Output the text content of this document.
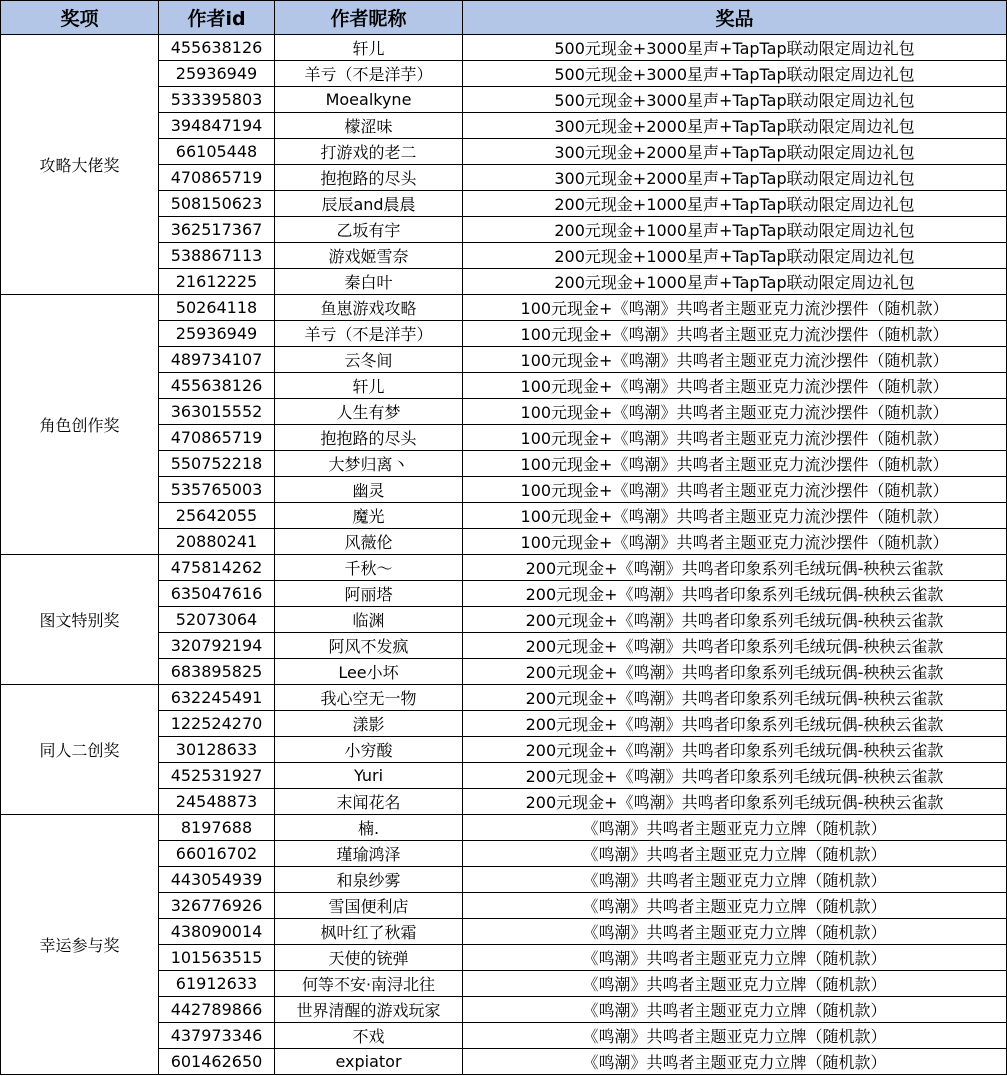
奖项	作者id	作者昵称	奖品
攻略大佬奖	455638126	轩儿	500元现金+3000星声+TapTap联动限定周边礼包
	25936949	羊亏（不是洋芋）	500元现金+3000星声+TapTap联动限定周边礼包
	533395803	Moealkyne	500元现金+3000星声+TapTap联动限定周边礼包
	394847194	檬涩味	300元现金+2000星声+TapTap联动限定周边礼包
	66105448	打游戏的老二	300元现金+2000星声+TapTap联动限定周边礼包
	470865719	抱抱路的尽头	300元现金+2000星声+TapTap联动限定周边礼包
	508150623	辰辰and晨晨	200元现金+1000星声+TapTap联动限定周边礼包
	362517367	乙坂有宇	200元现金+1000星声+TapTap联动限定周边礼包
	538867113	游戏姬雪奈	200元现金+1000星声+TapTap联动限定周边礼包
	21612225	秦白叶	200元现金+1000星声+TapTap联动限定周边礼包
角色创作奖	50264118	鱼崽游戏攻略	100元现金+《鸣潮》共鸣者主题亚克力流沙摆件（随机款）
	25936949	羊亏（不是洋芋）	100元现金+《鸣潮》共鸣者主题亚克力流沙摆件（随机款）
	489734107	云冬间	100元现金+《鸣潮》共鸣者主题亚克力流沙摆件（随机款）
	455638126	轩儿	100元现金+《鸣潮》共鸣者主题亚克力流沙摆件（随机款）
	363015552	人生有梦	100元现金+《鸣潮》共鸣者主题亚克力流沙摆件（随机款）
	470865719	抱抱路的尽头	100元现金+《鸣潮》共鸣者主题亚克力流沙摆件（随机款）
	550752218	大梦归离丶	100元现金+《鸣潮》共鸣者主题亚克力流沙摆件（随机款）
	535765003	幽灵	100元现金+《鸣潮》共鸣者主题亚克力流沙摆件（随机款）
	25642055	魔光	100元现金+《鸣潮》共鸣者主题亚克力流沙摆件（随机款）
	20880241	风薇伦	100元现金+《鸣潮》共鸣者主题亚克力流沙摆件（随机款）
图文特别奖	475814262	千秋～	200元现金+《鸣潮》共鸣者印象系列毛绒玩偶-秧秧云雀款
	635047616	阿丽塔	200元现金+《鸣潮》共鸣者印象系列毛绒玩偶-秧秧云雀款
	52073064	临渊	200元现金+《鸣潮》共鸣者印象系列毛绒玩偶-秧秧云雀款
	320792194	阿风不发疯	200元现金+《鸣潮》共鸣者印象系列毛绒玩偶-秧秧云雀款
	683895825	Lee小坏	200元现金+《鸣潮》共鸣者印象系列毛绒玩偶-秧秧云雀款
同人二创奖	632245491	我心空无一物	200元现金+《鸣潮》共鸣者印象系列毛绒玩偶-秧秧云雀款
	122524270	漾影	200元现金+《鸣潮》共鸣者印象系列毛绒玩偶-秧秧云雀款
	30128633	小穷酸	200元现金+《鸣潮》共鸣者印象系列毛绒玩偶-秧秧云雀款
	452531927	Yuri	200元现金+《鸣潮》共鸣者印象系列毛绒玩偶-秧秧云雀款
	24548873	末闻花名	200元现金+《鸣潮》共鸣者印象系列毛绒玩偶-秧秧云雀款
幸运参与奖	8197688	楠.	《鸣潮》共鸣者主题亚克力立牌（随机款）
	66016702	瑾瑜鸿泽	《鸣潮》共鸣者主题亚克力立牌（随机款）
	443054939	和泉纱雾	《鸣潮》共鸣者主题亚克力立牌（随机款）
	326776926	雪国便利店	《鸣潮》共鸣者主题亚克力立牌（随机款）
	438090014	枫叶红了秋霜	《鸣潮》共鸣者主题亚克力立牌（随机款）
	101563515	天使的铳弹	《鸣潮》共鸣者主题亚克力立牌（随机款）
	61912633	何等不安·南浔北往	《鸣潮》共鸣者主题亚克力立牌（随机款）
	442789866	世界清醒的游戏玩家	《鸣潮》共鸣者主题亚克力立牌（随机款）
	437973346	不戏	《鸣潮》共鸣者主题亚克力立牌（随机款）
	601462650	expiator	《鸣潮》共鸣者主题亚克力立牌（随机款）
